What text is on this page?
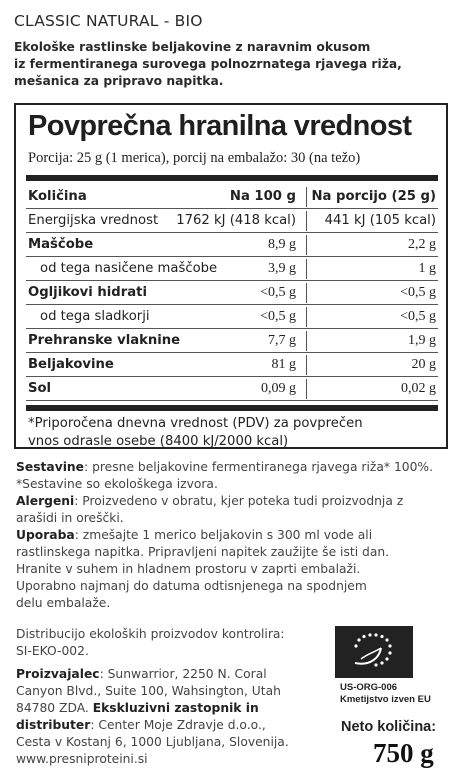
CLASSIC NATURAL - BIO
Ekološke rastlinske beljakovine z naravnim okusom
iz fermentiranega surovega polnozrnatega rjavega riža,
mešanica za pripravo napitka.
Povprečna hranilna vrednost
Porcija: 25 g (1 merica), porcij na embalažo: 30 (na težo)
Količina	Na 100 g Na porcijo (25 g)
Energijska vrednost 1762 kJ (418 kcal) 441 kJ (105 kcal)
Maščobe	8,9 g	2,2 g
od tega nasičene maščobe	3,9 g	1 g
Ogljikovi hidrati	<0,5 g	<0,5 g
od tega sladkorji	<0,5 g	<0,5 g
Prehranske vlaknine	7,7 g	1,9 g
Beljakovine	81 g	20 g
Sol	0,09 g	0,02 g
*Priporočena dnevna vrednost (PDV) za povprečen
vnos odrasle osebe (8400 kJ/2000 kcal)
Sestavine: presne beljakovine fermentiranega rjavega riža* 100%.
*Sestavine so ekološkega izvora.
Alergeni: Proizvedeno v obratu, kjer poteka tudi proizvodnja z
arašidi in oreščki.
Uporaba: zmešajte 1 merico beljakovin s 300 ml vode ali
rastlinskega napitka. Pripravljeni napitek zaužijte še isti dan.
Hranite v suhem in hladnem prostoru v zaprti embalaži.
Uporabno najmanj do datuma odtisnjenega na spodnjem
delu embalaže.
Distribucijo ekoloških proizvodov kontrolira:
SI-EKO-002.
Proizvajalec: Sunwarrior, 2250 N. Coral
Canyon Blvd., Suite 100, Wahsington, Utah
84780 ZDA. Ekskluzivni zastopnik in
distributer: Center Moje Zdravje d.o.o.,
Cesta v Kostanj 6, 1000 Ljubljana, Slovenija.
www.presniproteini.si
US-ORG-006
Kmetijstvo izven EU
Neto količina:
750 g
